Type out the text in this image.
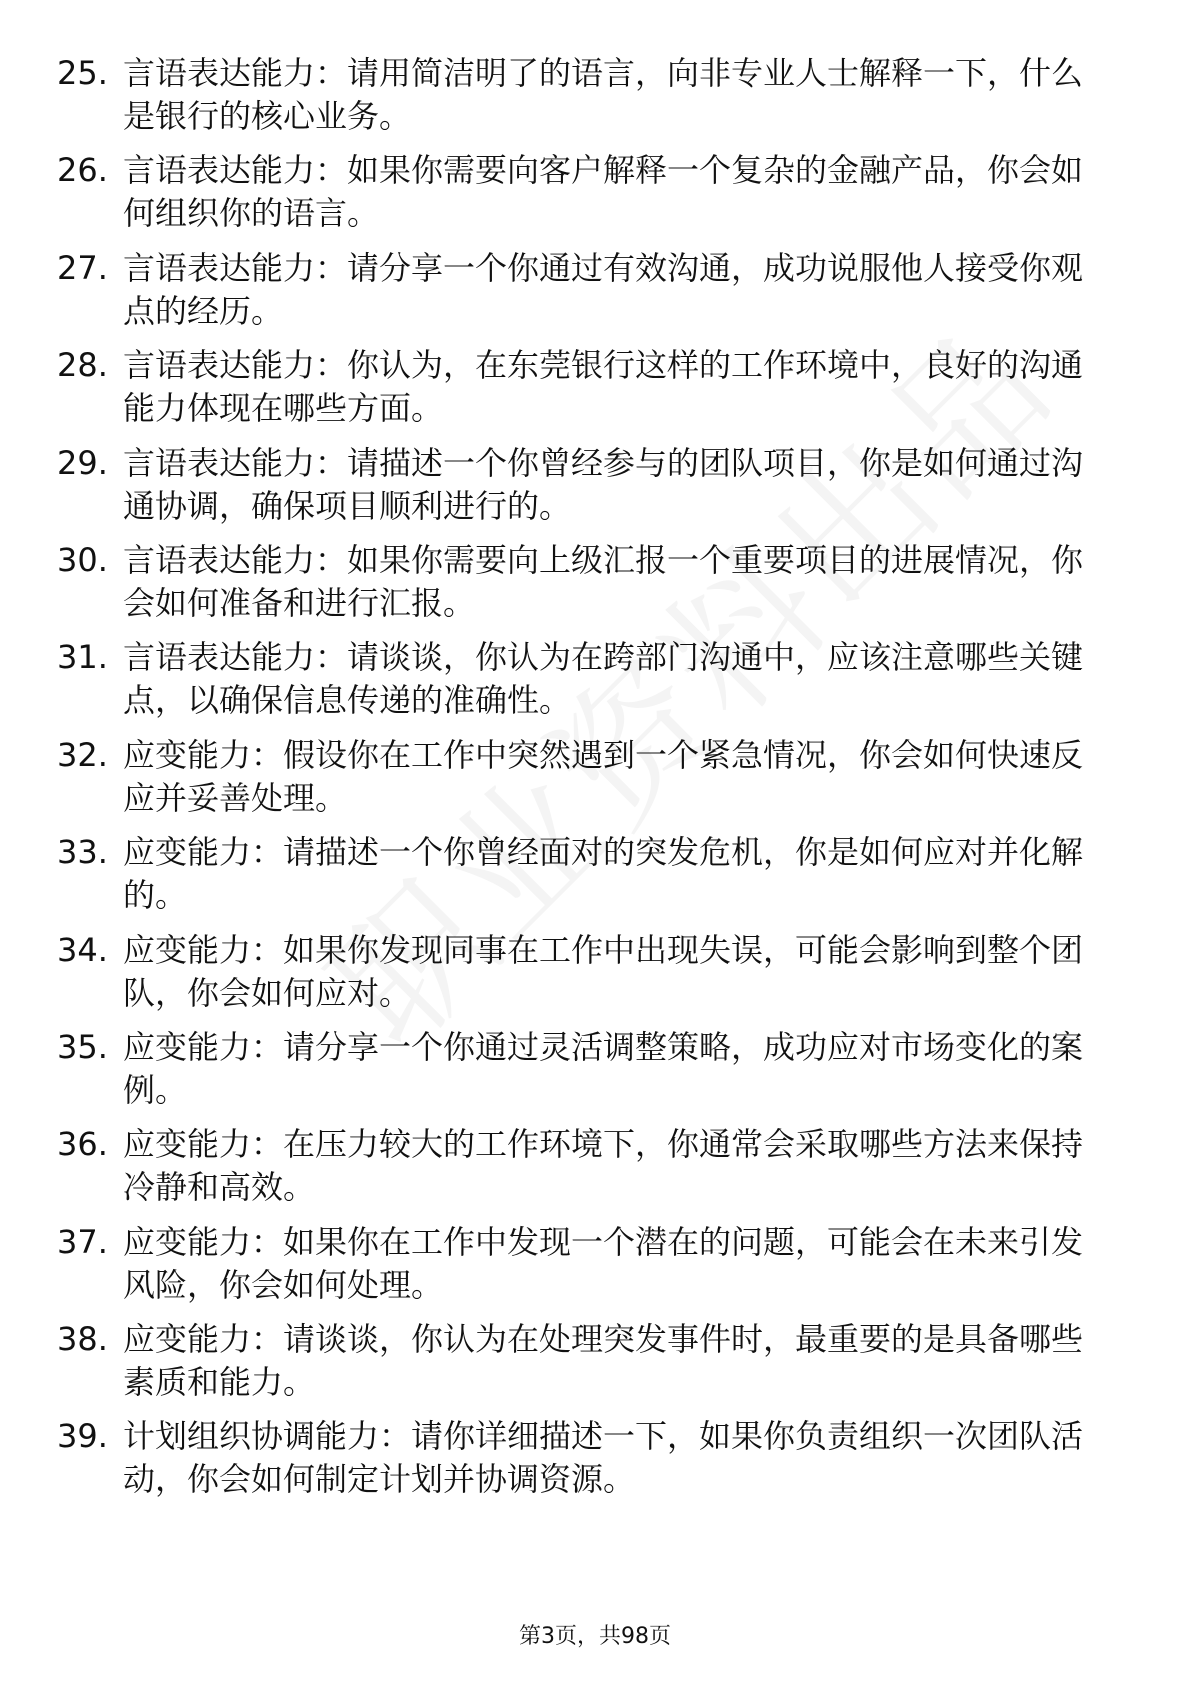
25. 言语表达能力：请用简洁明了的语言，向非专业人士解释一下，什么是银行的核心业务。
26. 言语表达能力：如果你需要向客户解释一个复杂的金融产品，你会如何组织你的语言。
27. 言语表达能力：请分享一个你通过有效沟通，成功说服他人接受你观点的经历。
28. 言语表达能力：你认为，在东莞银行这样的工作环境中，良好的沟通能力体现在哪些方面。
29. 言语表达能力：请描述一个你曾经参与的团队项目，你是如何通过沟通协调，确保项目顺利进行的。
30. 言语表达能力：如果你需要向上级汇报一个重要项目的进展情况，你会如何准备和进行汇报。
31. 言语表达能力：请谈谈，你认为在跨部门沟通中，应该注意哪些关键点，以确保信息传递的准确性。
32. 应变能力：假设你在工作中突然遇到一个紧急情况，你会如何快速反应并妥善处理。
33. 应变能力：请描述一个你曾经面对的突发危机，你是如何应对并化解的。
34. 应变能力：如果你发现同事在工作中出现失误，可能会影响到整个团队，你会如何应对。
35. 应变能力：请分享一个你通过灵活调整策略，成功应对市场变化的案例。
36. 应变能力：在压力较大的工作环境下，你通常会采取哪些方法来保持冷静和高效。
37. 应变能力：如果你在工作中发现一个潜在的问题，可能会在未来引发风险，你会如何处理。
38. 应变能力：请谈谈，你认为在处理突发事件时，最重要的是具备哪些素质和能力。
39. 计划组织协调能力：请你详细描述一下，如果你负责组织一次团队活动，你会如何制定计划并协调资源。
第3页，共98页
